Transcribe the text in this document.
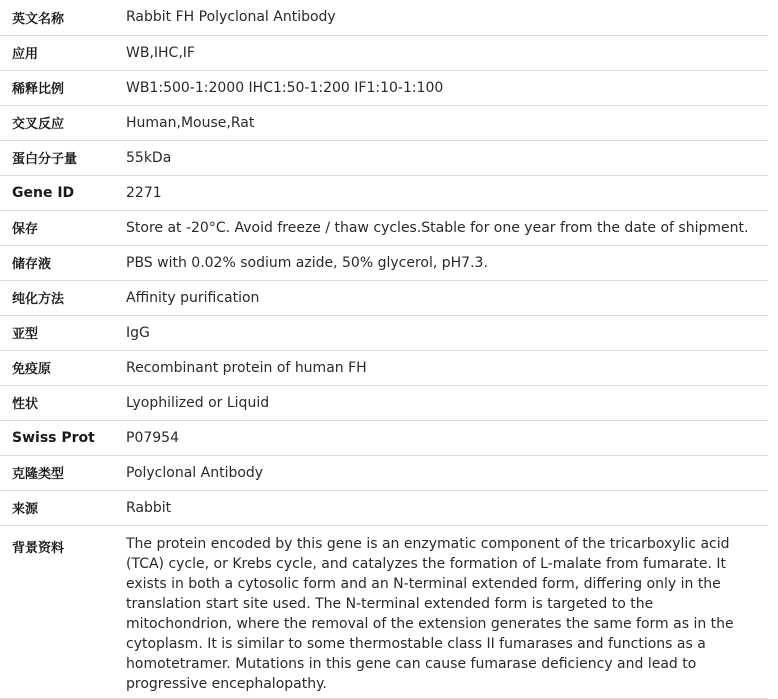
英文名称	Rabbit FH Polyclonal Antibody
应用	WB,IHC,IF
稀释比例	WB1:500-1:2000 IHC1:50-1:200 IF1:10-1:100
交叉反应	Human,Mouse,Rat
蛋白分子量	55kDa
Gene ID	2271
保存	Store at -20°C. Avoid freeze / thaw cycles.Stable for one year from the date of shipment.
储存液	PBS with 0.02% sodium azide, 50% glycerol, pH7.3.
纯化方法	Affinity purification
亚型	IgG
免疫原	Recombinant protein of human FH
性状	Lyophilized or Liquid
Swiss Prot	P07954
克隆类型	Polyclonal Antibody
来源	Rabbit
背景资料	The protein encoded by this gene is an enzymatic component of the tricarboxylic acid (TCA) cycle, or Krebs cycle, and catalyzes the formation of L-malate from fumarate. It exists in both a cytosolic form and an N-terminal extended form, differing only in the translation start site used. The N-terminal extended form is targeted to the mitochondrion, where the removal of the extension generates the same form as in the cytoplasm. It is similar to some thermostable class II fumarases and functions as a homotetramer. Mutations in this gene can cause fumarase deficiency and lead to progressive encephalopathy.
